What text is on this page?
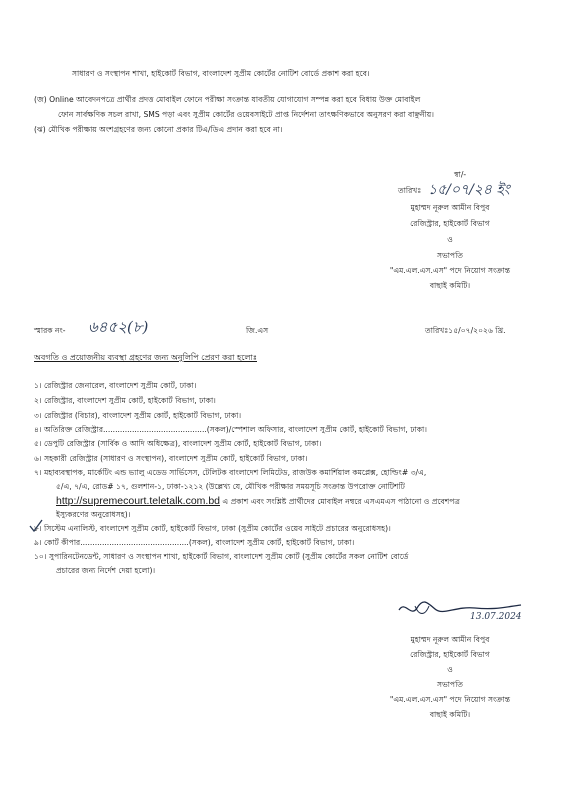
সাধারণ ও সংস্থাপন শাখা, হাইকোর্ট বিভাগ, বাংলাদেশ সুপ্রীম কোর্টের নোটিশ বোর্ডে প্রকাশ করা হবে।
(জ) Online আবেদনপত্রে প্রার্থীর প্রদত্ত মোবাইল ফোনে পরীক্ষা সংক্রান্ত যাবতীয় যোগাযোগ সম্পন্ন করা হবে বিধায় উক্ত মোবাইল
ফোন সার্বক্ষণিক সচল রাখা, SMS পড়া এবং সুপ্রীম কোর্টের ওয়েবসাইটে প্রাপ্ত নির্দেশনা তাৎক্ষণিকভাবে অনুসরণ করা বাঞ্ছনীয়।
(ঝ) মৌখিক পরীক্ষায় অংশগ্রহণের জন্য কোনো প্রকার টিএ/ডিএ প্রদান করা হবে না।
স্বা/-
তারিখঃ ১৫/০৭/২৪ ইং
মুহাম্মদ নূরুল আমীন বিপুব
রেজিস্ট্রার, হাইকোর্ট বিভাগ
ও
সভাপতি
"এম.এল.এস.এস" পদে নিয়োগ সংক্রান্ত
বাছাই কমিটি।
স্মারক নং- ৬৪৫২(৮)	জি.এস	তারিখঃ১৫/০৭/২০২৬ খ্রি.
অবগতি ও প্রয়োজনীয় ব্যবস্থা গ্রহণের জন্য অনুলিপি প্রেরণ করা হলোঃ
১। রেজিস্ট্রার জেনারেল, বাংলাদেশ সুপ্রীম কোর্ট, ঢাকা।
২। রেজিস্ট্রার, বাংলাদেশ সুপ্রীম কোর্ট, হাইকোর্ট বিভাগ, ঢাকা।
৩। রেজিস্ট্রার (বিচার), বাংলাদেশ সুপ্রীম কোর্ট, হাইকোর্ট বিভাগ, ঢাকা।
৪। অতিরিক্ত রেজিস্ট্রার...........................................(সকল)/স্পেশাল অফিসার, বাংলাদেশ সুপ্রীম কোর্ট, হাইকোর্ট বিভাগ, ঢাকা।
৫। ডেপুটি রেজিস্ট্রার (সার্বিক ও আদি অধিক্ষেত্র), বাংলাদেশ সুপ্রীম কোর্ট, হাইকোর্ট বিভাগ, ঢাকা।
৬। সহকারী রেজিস্ট্রার (সাধারণ ও সংস্থাপন), বাংলাদেশ সুপ্রীম কোর্ট, হাইকোর্ট বিভাগ, ঢাকা।
৭। মহাব্যবস্থাপক, মার্কেটিং এন্ড ভ্যালু এডেড সার্ভিসেস, টেলিটক বাংলাদেশ লিমিটেড, রাজউক কমার্শিয়াল কমপ্লেক্স, হোল্ডিং# ৩/এ,
৫/এ, ৭/এ, রোড# ১৭, গুলশান-১, ঢাকা-১২১২ (উল্লেখ্য যে, মৌখিক পরীক্ষার সময়সূচি সংক্রান্ত উপরোক্ত নোটিশটি
http://supremecourt.teletalk.com.bd এ প্রকাশ এবং সংশ্লিষ্ট প্রার্থীদের মোবাইল নম্বরে এসএমএস পাঠানো ও প্রবেশপত্র
ইস্যুকরণের অনুরোধসহ)।
৮। সিস্টেম এনালিস্ট, বাংলাদেশ সুপ্রীম কোর্ট, হাইকোর্ট বিভাগ, ঢাকা (সুপ্রীম কোর্টের ওয়েব সাইটে প্রচারের অনুরোধসহ)।
৯। কোর্ট কীপার.............................................(সকল), বাংলাদেশ সুপ্রীম কোর্ট, হাইকোর্ট বিভাগ, ঢাকা।
১০। সুপারিনটেনডেন্ট, সাধারণ ও সংস্থাপন শাখা, হাইকোর্ট বিভাগ, বাংলাদেশ সুপ্রীম কোর্ট (সুপ্রীম কোর্টের সকল নোটিশ বোর্ডে
প্রচারের জন্য নির্দেশ দেয়া হলো)।
13.07.2024
মুহাম্মদ নূরুল আমীন বিপুব
রেজিস্ট্রার, হাইকোর্ট বিভাগ
ও
সভাপতি
"এম.এল.এস.এস" পদে নিয়োগ সংক্রান্ত
বাছাই কমিটি।
